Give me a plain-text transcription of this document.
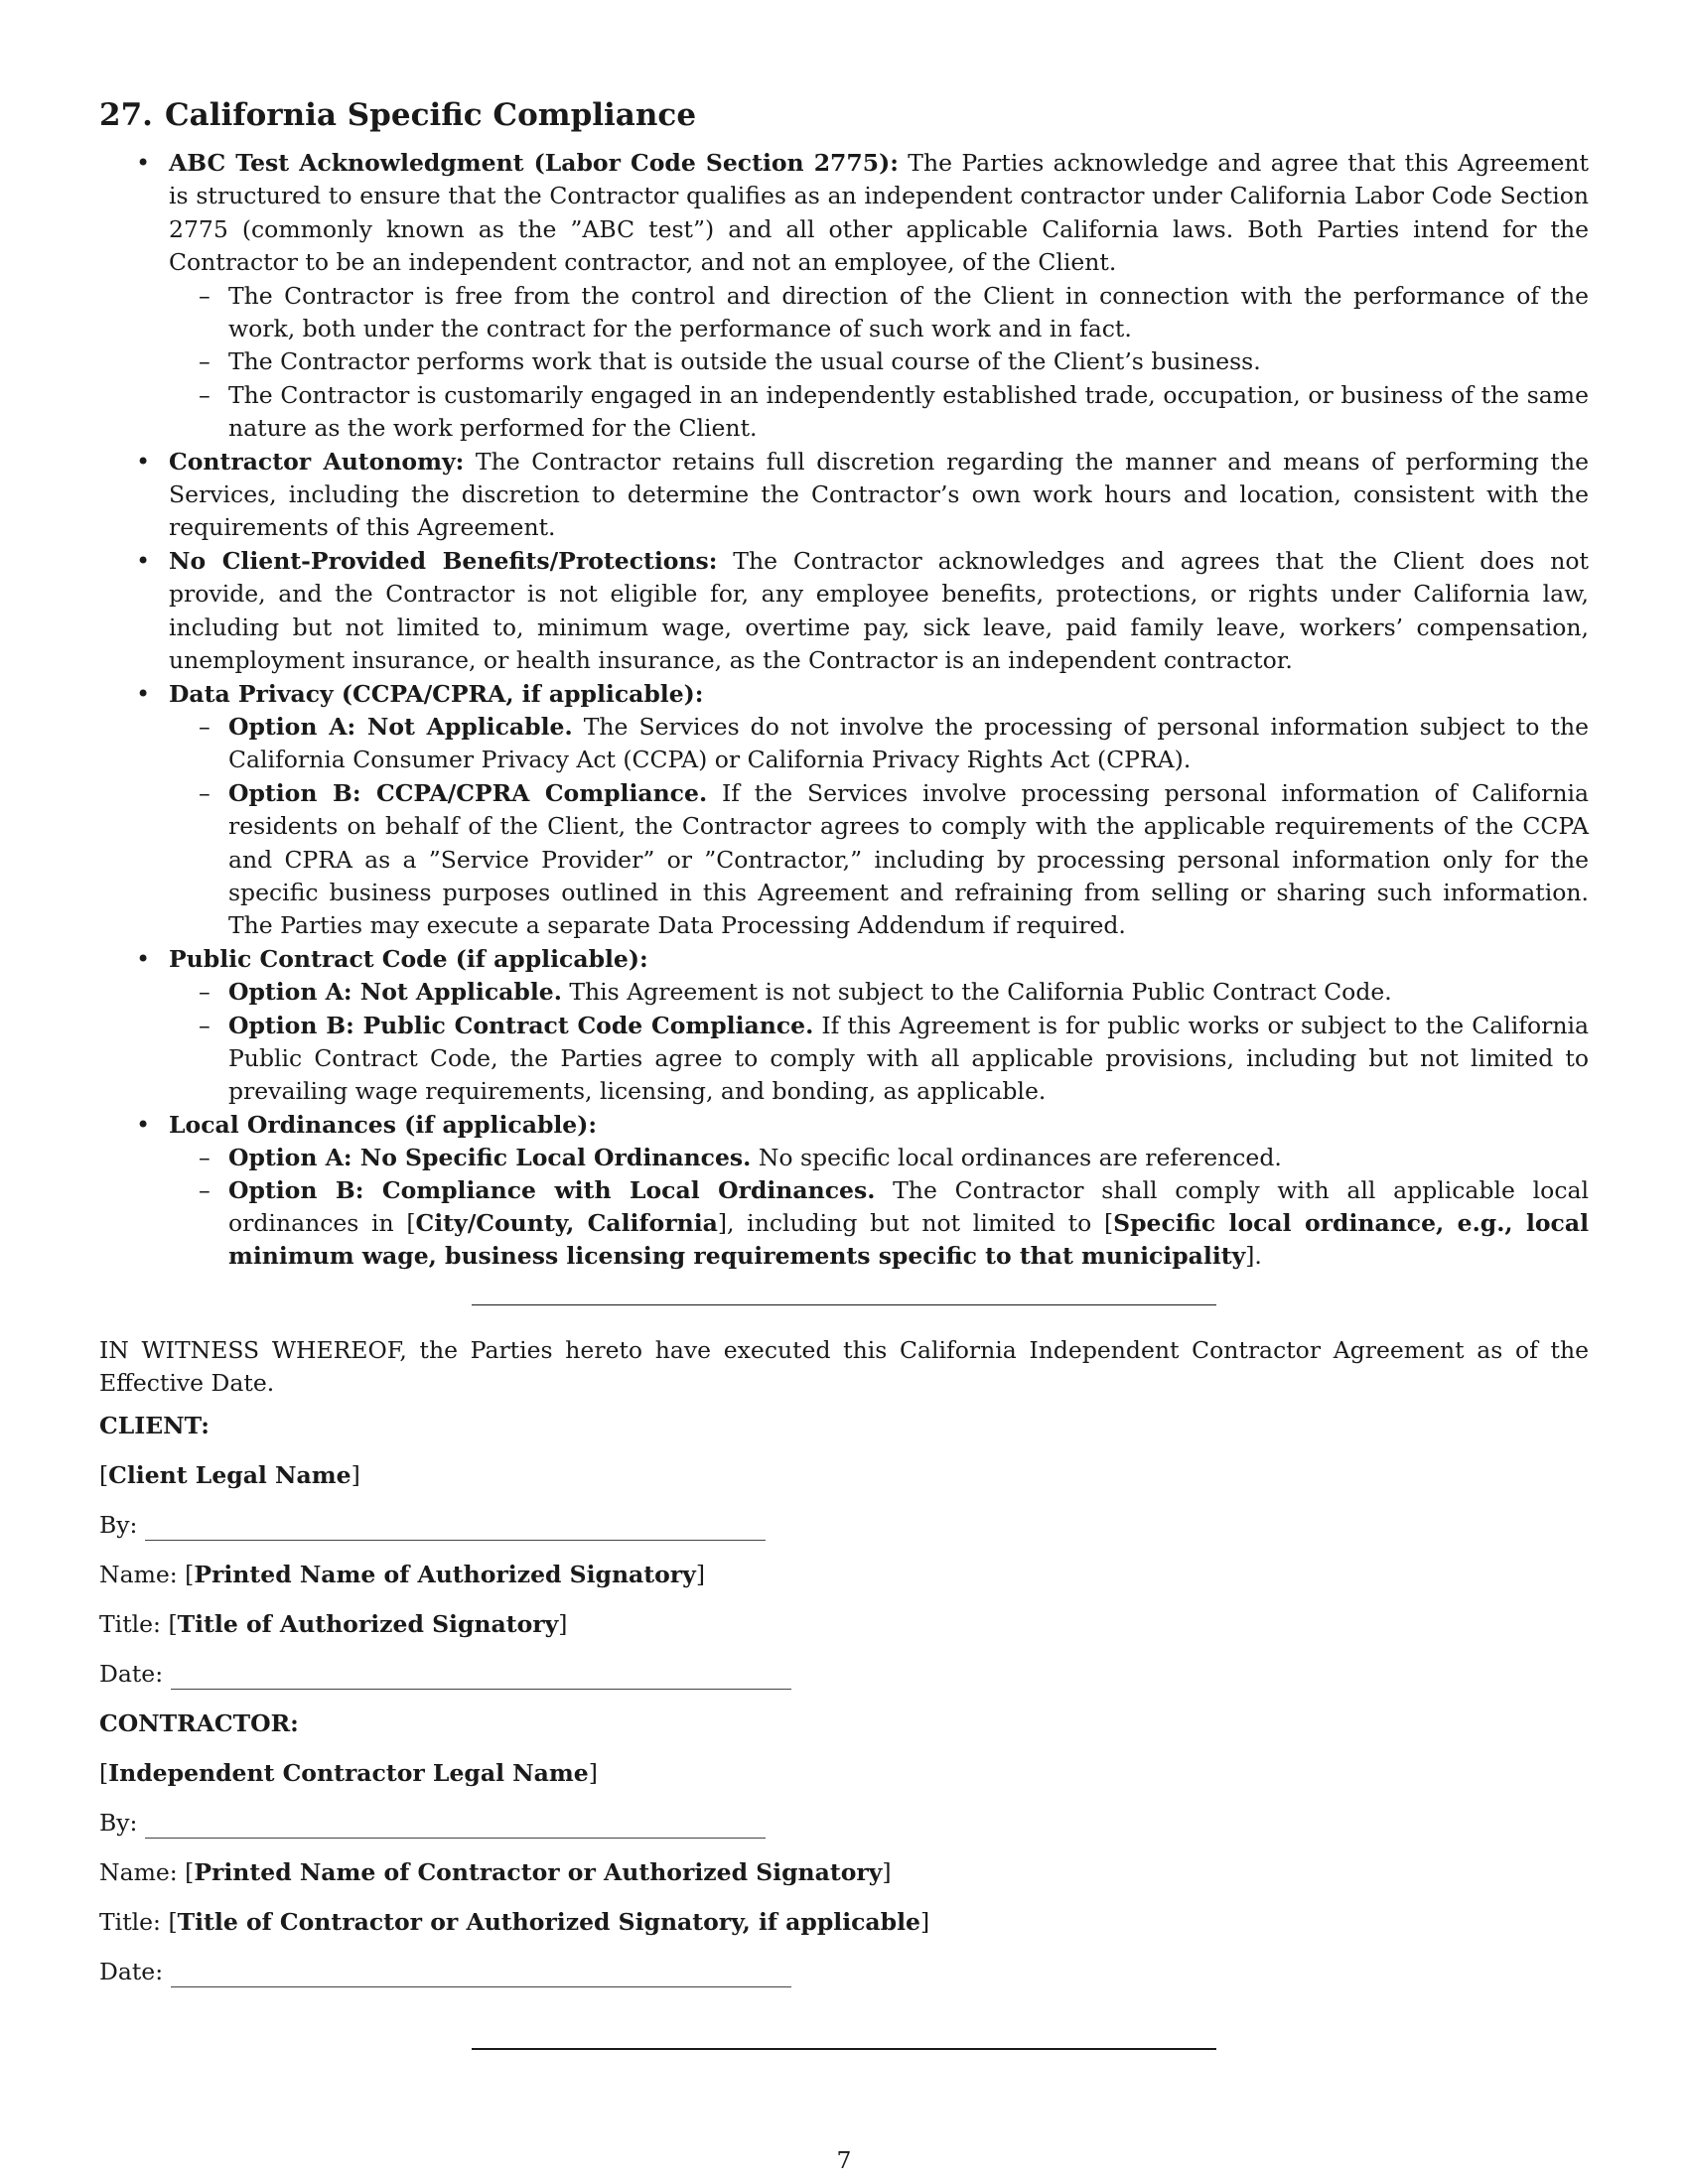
27. California Specific Compliance
• ABC Test Acknowledgment (Labor Code Section 2775): The Parties acknowledge and agree that this Agreement is structured to ensure that the Contractor qualifies as an independent contractor under California Labor Code Section 2775 (commonly known as the ”ABC test”) and all other applicable California laws. Both Parties intend for the Contractor to be an independent contractor, and not an employee, of the Client.
– The Contractor is free from the control and direction of the Client in connection with the performance of the work, both under the contract for the performance of such work and in fact.
– The Contractor performs work that is outside the usual course of the Client’s business.
– The Contractor is customarily engaged in an independently established trade, occupation, or business of the same nature as the work performed for the Client.
• Contractor Autonomy: The Contractor retains full discretion regarding the manner and means of performing the Services, including the discretion to determine the Contractor’s own work hours and location, consistent with the requirements of this Agreement.
• No Client-Provided Benefits/Protections: The Contractor acknowledges and agrees that the Client does not provide, and the Contractor is not eligible for, any employee benefits, protections, or rights under California law, including but not limited to, minimum wage, overtime pay, sick leave, paid family leave, workers’ compensation, unemployment insurance, or health insurance, as the Contractor is an independent contractor.
• Data Privacy (CCPA/CPRA, if applicable):
– Option A: Not Applicable. The Services do not involve the processing of personal information subject to the California Consumer Privacy Act (CCPA) or California Privacy Rights Act (CPRA).
– Option B: CCPA/CPRA Compliance. If the Services involve processing personal information of California residents on behalf of the Client, the Contractor agrees to comply with the applicable requirements of the CCPA and CPRA as a ”Service Provider” or ”Contractor,” including by processing personal information only for the specific business purposes outlined in this Agreement and refraining from selling or sharing such information. The Parties may execute a separate Data Processing Addendum if required.
• Public Contract Code (if applicable):
– Option A: Not Applicable. This Agreement is not subject to the California Public Contract Code.
– Option B: Public Contract Code Compliance. If this Agreement is for public works or subject to the California Public Contract Code, the Parties agree to comply with all applicable provisions, including but not limited to prevailing wage requirements, licensing, and bonding, as applicable.
• Local Ordinances (if applicable):
– Option A: No Specific Local Ordinances. No specific local ordinances are referenced.
– Option B: Compliance with Local Ordinances. The Contractor shall comply with all applicable local ordinances in [City/County, California], including but not limited to [Specific local ordinance, e.g., local minimum wage, business licensing requirements specific to that municipality].
IN WITNESS WHEREOF, the Parties hereto have executed this California Independent Contractor Agreement as of the Effective Date.
CLIENT:
[Client Legal Name]
By:
Name: [Printed Name of Authorized Signatory]
Title: [Title of Authorized Signatory]
Date:
CONTRACTOR:
[Independent Contractor Legal Name]
By:
Name: [Printed Name of Contractor or Authorized Signatory]
Title: [Title of Contractor or Authorized Signatory, if applicable]
Date:
7
